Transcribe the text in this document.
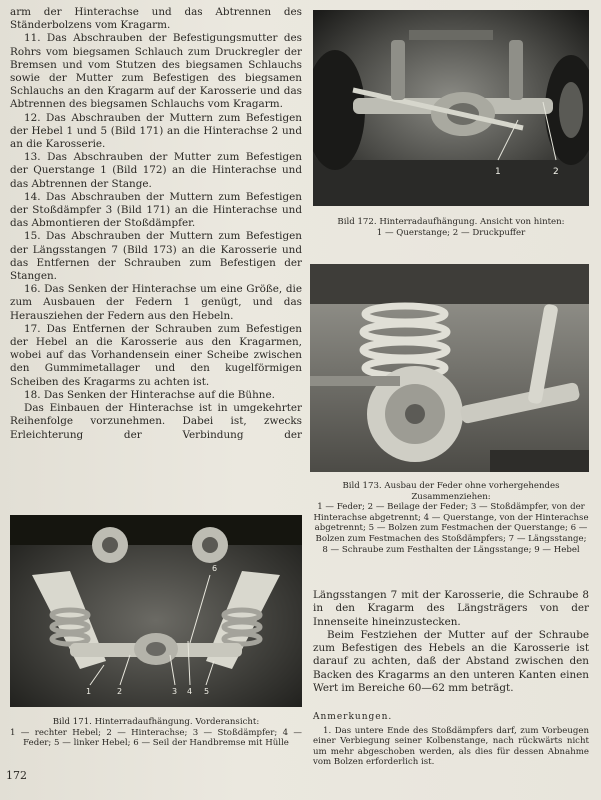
arm der Hinterachse und das Abtrennen des Ständerbolzens vom Kragarm.

11. Das Abschrauben der Befestigungsmutter des Rohrs vom biegsamen Schlauch zum Druckregler der Bremsen und vom Stutzen des biegsamen Schlauchs sowie der Mutter zum Befestigen des biegsamen Schlauchs an den Kragarm auf der Karosserie und das Abtrennen des biegsamen Schlauchs vom Kragarm.

12. Das Abschrauben der Muttern zum Befestigen der Hebel 1 und 5 (Bild 171) an die Hinterachse 2 und an die Karosserie.

13. Das Abschrauben der Mutter zum Befestigen der Querstange 1 (Bild 172) an die Hinterachse und das Abtrennen der Stange.

14. Das Abschrauben der Muttern zum Befestigen der Stoßdämpfer 3 (Bild 171) an die Hinterachse und das Abmontieren der Stoßdämpfer.

15. Das Abschrauben der Muttern zum Befestigen der Längsstangen 7 (Bild 173) an die Karosserie und das Entfernen der Schrauben zum Befestigen der Stangen.

16. Das Senken der Hinterachse um eine Größe, die zum Ausbauen der Federn 1 genügt, und das Herausziehen der Federn aus den Hebeln.

17. Das Entfernen der Schrauben zum Befestigen der Hebel an die Karosserie aus den Kragarmen, wobei auf das Vorhandensein einer Scheibe zwischen den Gummimetallager und den kugelförmigen Scheiben des Kragarms zu achten ist.

18. Das Senken der Hinterachse auf die Bühne.

Das Einbauen der Hinterachse ist in umgekehrter Reihenfolge vorzunehmen. Dabei ist, zwecks Erleichterung der Verbindung der

1	2
Bild 172. Hinterradaufhängung. Ansicht von hinten:
1 — Querstange; 2 — Druckpuffer
Bild 173. Ausbau der Feder ohne vorhergehendes Zusammenziehen:
1 — Feder; 2 — Beilage der Feder; 3 — Stoßdämpfer, von der Hinterachse abgetrennt; 4 — Querstange, von der Hinterachse abgetrennt; 5 — Bolzen zum Festmachen der Querstange; 6 — Bolzen zum Festmachen des Stoßdämpfers; 7 — Längsstange; 8 — Schraube zum Festhalten der Längsstange; 9 — Hebel
1	2	3 4 5
6
Bild 171. Hinterradaufhängung. Vorderansicht:
1 — rechter Hebel; 2 — Hinterachse; 3 — Stoßdämpfer; 4 — Feder; 5 — linker Hebel; 6 — Seil der Handbremse mit Hülle

Längsstangen 7 mit der Karosserie, die Schraube 8 in den Kragarm des Längsträgers von der Innenseite hineinzustecken.

Beim Festziehen der Mutter auf der Schraube zum Befestigen des Hebels an die Karosserie ist darauf zu achten, daß der Abstand zwischen den Backen des Kragarms an den unteren Kanten einen Wert im Bereiche 60—62 mm beträgt.

Anmerkungen.

1. Das untere Ende des Stoßdämpfers darf, zum Vorbeugen einer Verbiegung seiner Kolbenstange, nach rückwärts nicht um mehr abgeschoben werden, als dies für dessen Abnahme vom Bolzen erforderlich ist.

172
